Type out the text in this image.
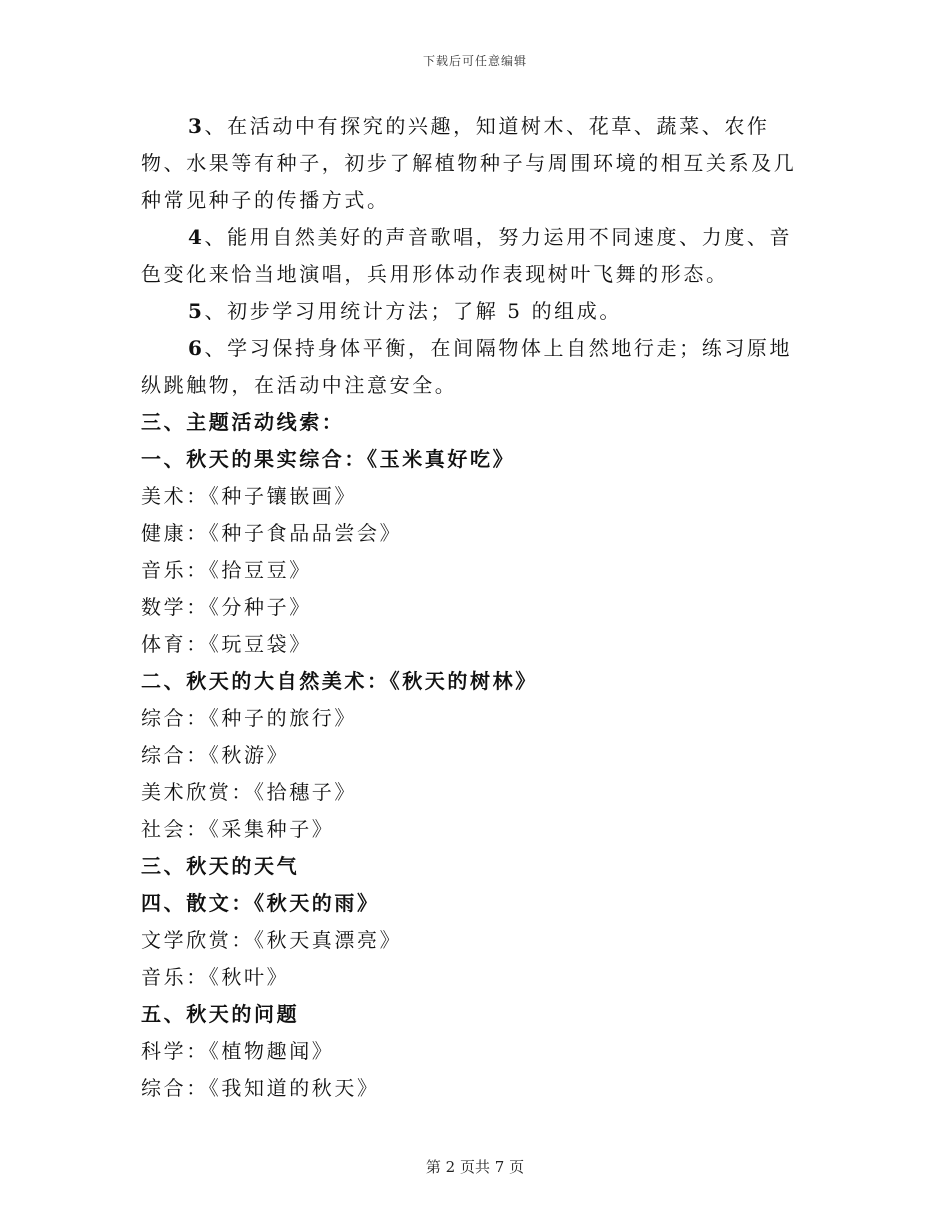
下载后可任意编辑

3、在活动中有探究的兴趣，知道树木、花草、蔬菜、农作物、水果等有种子，初步了解植物种子与周围环境的相互关系及几种常见种子的传播方式。

4、能用自然美好的声音歌唱，努力运用不同速度、力度、音色变化来恰当地演唱，兵用形体动作表现树叶飞舞的形态。

5、初步学习用统计方法；了解 5 的组成。

6、学习保持身体平衡，在间隔物体上自然地行走；练习原地纵跳触物，在活动中注意安全。

三、主题活动线索：

一、秋天的果实综合：《玉米真好吃》

美术：《种子镶嵌画》

健康：《种子食品品尝会》

音乐：《拾豆豆》

数学：《分种子》

体育：《玩豆袋》

二、秋天的大自然美术：《秋天的树林》

综合：《种子的旅行》

综合：《秋游》

美术欣赏：《拾穗子》

社会：《采集种子》

三、秋天的天气

四、散文：《秋天的雨》

文学欣赏：《秋天真漂亮》

音乐：《秋叶》

五、秋天的问题

科学：《植物趣闻》

综合：《我知道的秋天》

第 2 页共 7 页
